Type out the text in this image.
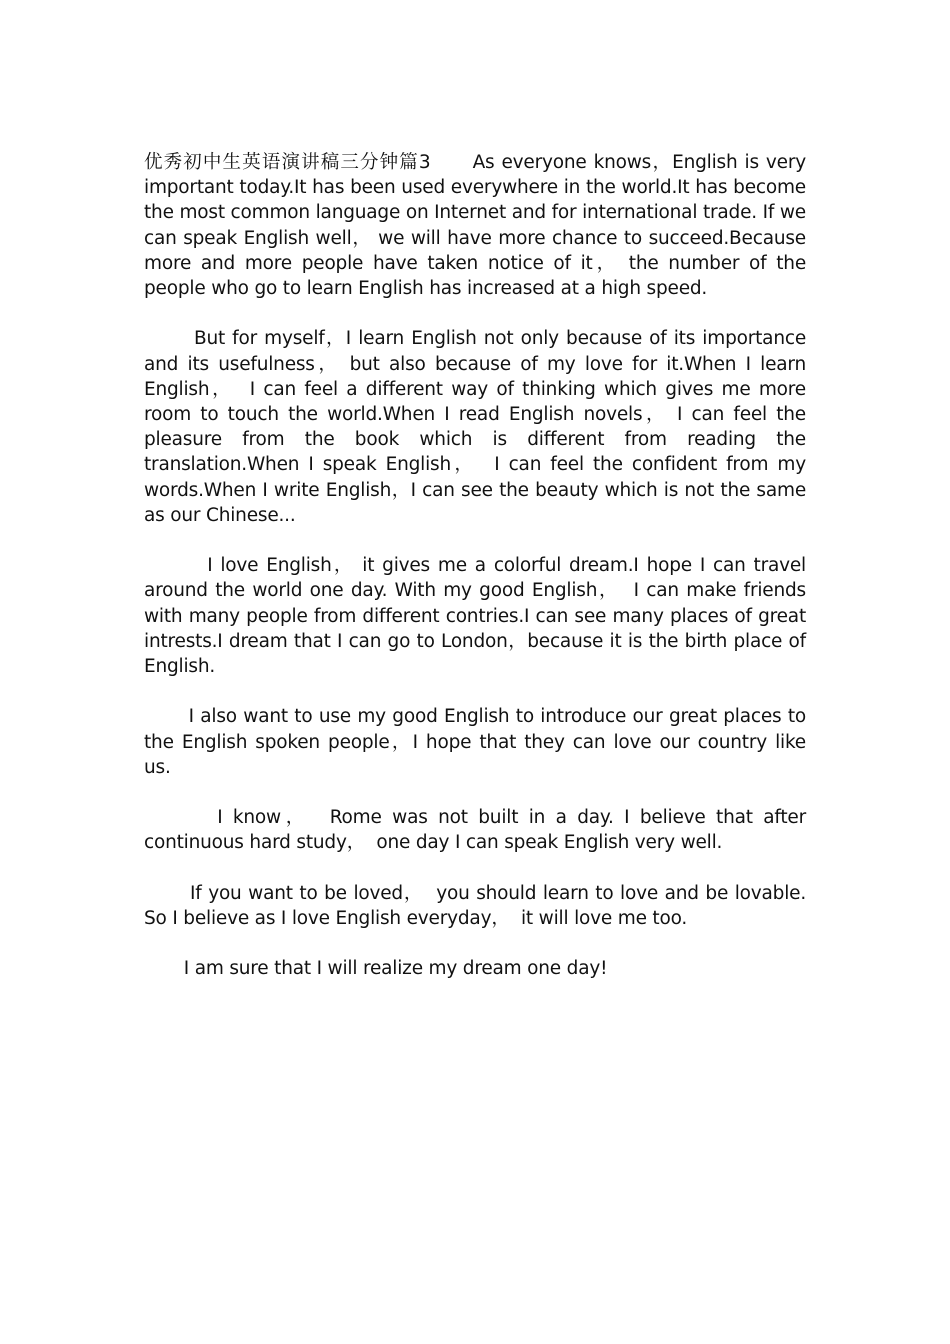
优秀初中生英语演讲稿三分钟篇3      As everyone knows，English is very important today.It has been used everywhere in the world.It has become the most common language on Internet and for international trade. If we can speak English well， we will have more chance to succeed.Because more and more people have taken notice of it， the number of the people who go to learn English has increased at a high speed.

But for myself，I learn English not only because of its importance and its usefulness， but also because of my love for it.When I learn English，  I can feel a different way of thinking which gives me more room to touch the world.When I read English novels， I can feel the pleasure from the book which is different from reading the translation.When I speak English，  I can feel the confident from my words.When I write English，I can see the beauty which is not the same as our Chinese...

I love English， it gives me a colorful dream.I hope I can travel around the world one day. With my good English，  I can make friends with many people from different contries.I can see many places of great intrests.I dream that I can go to London，because it is the birth place of English.

I also want to use my good English to introduce our great places to the English spoken people，I hope that they can love our country like us.

I know，  Rome was not built in a day. I believe that after continuous hard study，  one day I can speak English very well.

If you want to be loved，  you should learn to love and be lovable. So I believe as I love English everyday，  it will love me too.

I am sure that I will realize my dream one day!
